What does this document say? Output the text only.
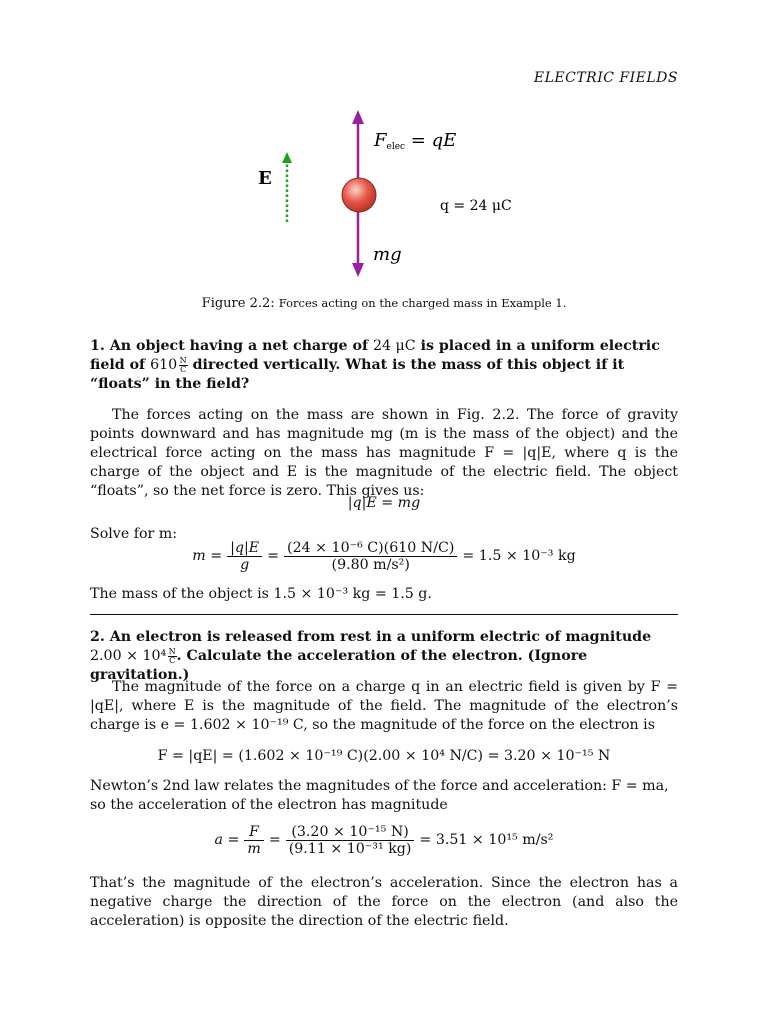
ELECTRIC FIELDS
E
Felec = qE
q = 24 μC
mg
Figure 2.2: Forces acting on the charged mass in Example 1.
1. An object having a net charge of 24 μC is placed in a uniform electric field of 610  $\frac{N}{C}$ directed vertically. What is the mass of this object if it “floats” in the field?
The forces acting on the mass are shown in Fig. 2.2. The force of gravity points downward and has magnitude mg (m is the mass of the object) and the electrical force acting on the mass has magnitude F = |q|E, where q is the charge of the object and E is the magnitude of the electric field. The object “floats”, so the net force is zero. This gives us:
|q|E = mg
Solve for m:
$m = \frac{|q|E}{g} = \frac{\text{(24 × 10⁻⁶ C)(610 N/C)}}{\text{(9.80 m/s²)}} = 1.5 \times 10^{-3}$ kg
The mass of the object is 1.5 × 10⁻³ kg = 1.5 g.
2. An electron is released from rest in a uniform electric of magnitude 2.00 × 10⁴  $\frac{N}{C}$ . Calculate the acceleration of the electron. (Ignore gravitation.)
The magnitude of the force on a charge q in an electric field is given by F = |qE|, where E is the magnitude of the field. The magnitude of the electron’s charge is e = 1.602 × 10⁻¹⁹ C, so the magnitude of the force on the electron is
F = |qE| = (1.602 × 10⁻¹⁹ C)(2.00 × 10⁴ N/C) = 3.20 × 10⁻¹⁵ N
Newton’s 2nd law relates the magnitudes of the force and acceleration: F = ma, so the acceleration of the electron has magnitude
$a = \frac{F}{m} = \frac{\text{(3.20 × 10⁻¹⁵ N)}}{\text{(9.11 × 10⁻³¹ kg)}} = 3.51 \times 10^{15}$ m/s²
That’s the magnitude of the electron’s acceleration. Since the electron has a negative charge the direction of the force on the electron (and also the acceleration) is opposite the direction of the electric field.
